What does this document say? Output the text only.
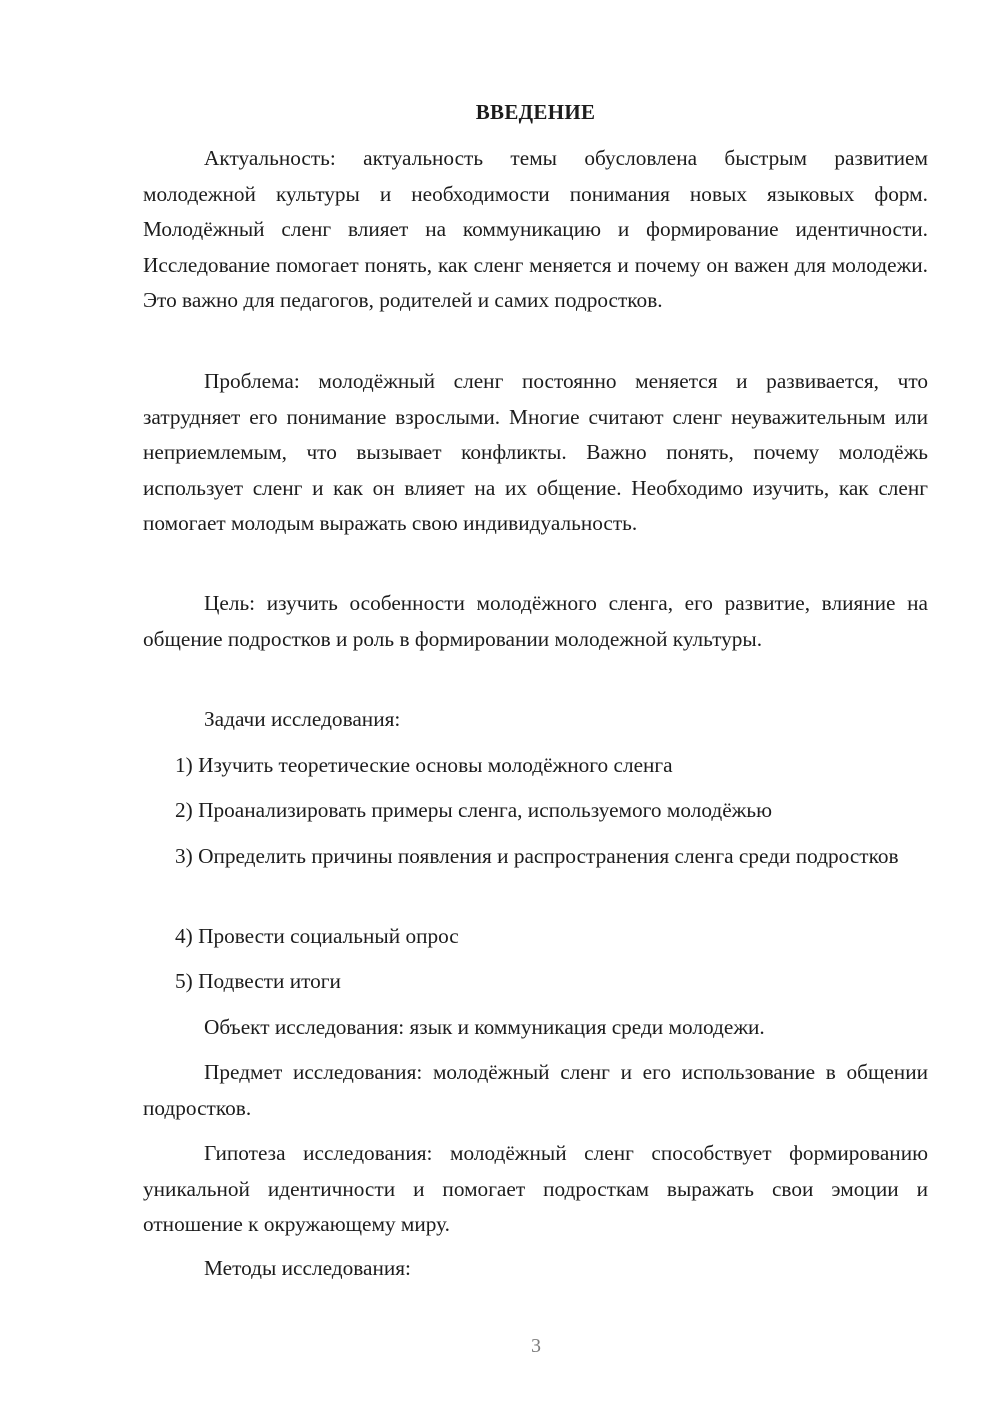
ВВЕДЕНИЕ

Актуальность: актуальность темы обусловлена быстрым развитием молодежной культуры и необходимости понимания новых языковых форм. Молодёжный сленг влияет на коммуникацию и формирование идентичности. Исследование помогает понять, как сленг меняется и почему он важен для молодежи. Это важно для педагогов, родителей и самих подростков.

Проблема: молодёжный сленг постоянно меняется и развивается, что затрудняет его понимание взрослыми. Многие считают сленг неуважительным или неприемлемым, что вызывает конфликты. Важно понять, почему молодёжь использует сленг и как он влияет на их общение. Необходимо изучить, как сленг помогает молодым выражать свою индивидуальность.

Цель: изучить особенности молодёжного сленга, его развитие, влияние на общение подростков и роль в формировании молодежной культуры.

Задачи исследования:

1) Изучить теоретические основы молодёжного сленга

2) Проанализировать примеры сленга, используемого молодёжью

3) Определить причины появления и распространения сленга среди подростков

4) Провести социальный опрос

5) Подвести итоги

Объект исследования: язык и коммуникация среди молодежи.

Предмет исследования: молодёжный сленг и его использование в общении подростков.

Гипотеза исследования: молодёжный сленг способствует формированию уникальной идентичности и помогает подросткам выражать свои эмоции и отношение к окружающему миру.

Методы исследования:

3
